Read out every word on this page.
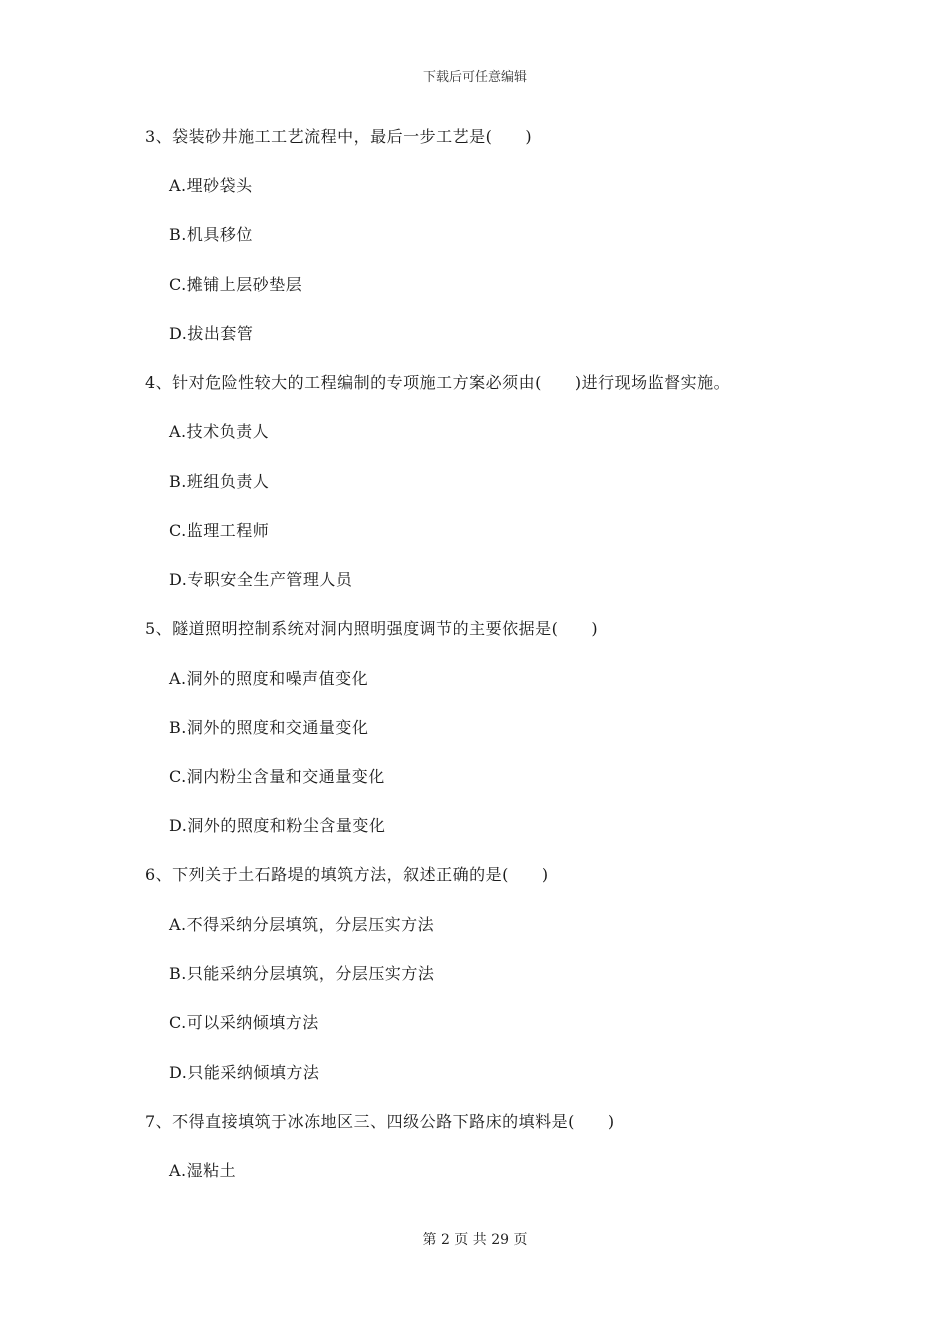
下载后可任意编辑
3、袋装砂井施工工艺流程中，最后一步工艺是(　　)
A.埋砂袋头
B.机具移位
C.摊铺上层砂垫层
D.拔出套管
4、针对危险性较大的工程编制的专项施工方案必须由(　　)进行现场监督实施。
A.技术负责人
B.班组负责人
C.监理工程师
D.专职安全生产管理人员
5、隧道照明控制系统对洞内照明强度调节的主要依据是(　　)
A.洞外的照度和噪声值变化
B.洞外的照度和交通量变化
C.洞内粉尘含量和交通量变化
D.洞外的照度和粉尘含量变化
6、下列关于土石路堤的填筑方法，叙述正确的是(　　)
A.不得采纳分层填筑，分层压实方法
B.只能采纳分层填筑，分层压实方法
C.可以采纳倾填方法
D.只能采纳倾填方法
7、不得直接填筑于冰冻地区三、四级公路下路床的填料是(　　)
A.湿粘土
第 2 页 共 29 页
